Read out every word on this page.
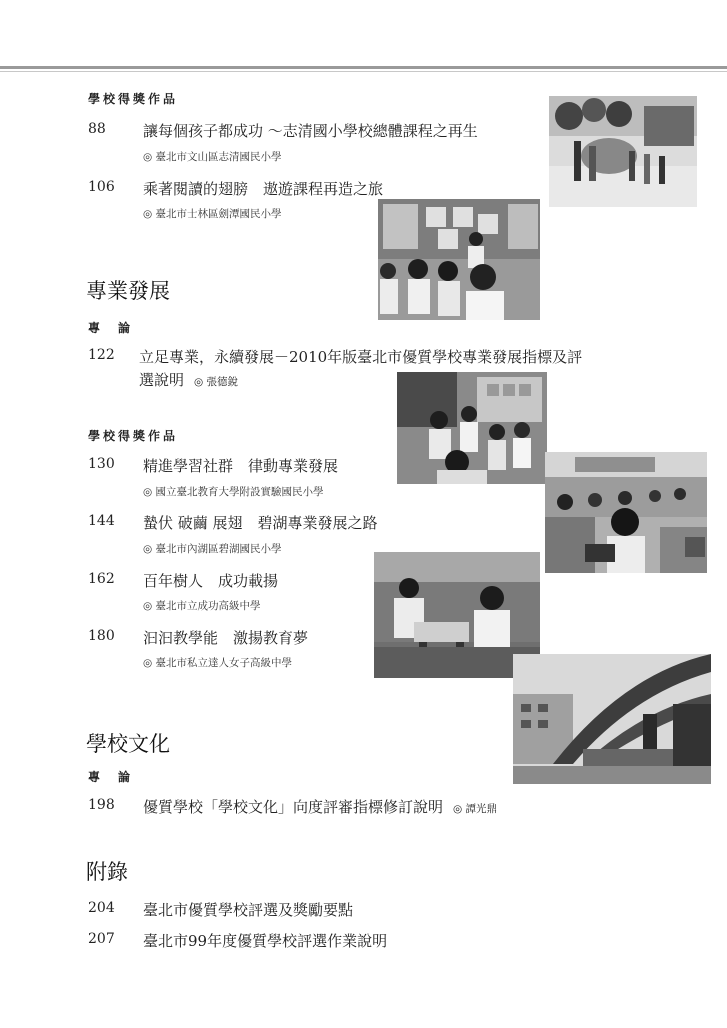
學校得獎作品
88 讓每個孩子都成功 ～志清國小學校總體課程之再生
◎ 臺北市文山區志清國民小學
106 乘著閱讀的翅膀　遨遊課程再造之旅
◎ 臺北市士林區劍潭國民小學
專業發展
專　論
122 立足專業，永續發展－2010年版臺北市優質學校專業發展指標及評
選說明 ◎ 張德銳
學校得獎作品
130 精進學習社群　律動專業發展
◎ 國立臺北教育大學附設實驗國民小學
144 蟄伏 破繭 展翅　碧湖專業發展之路
◎ 臺北市內湖區碧湖國民小學
162 百年樹人　成功載揚
◎ 臺北市立成功高級中學
180 汩汩教學能　激揚教育夢
◎ 臺北市私立達人女子高級中學
學校文化
專　論
198 優質學校「學校文化」向度評審指標修訂說明 ◎ 譚光鼎
附錄
204 臺北市優質學校評選及獎勵要點
207 臺北市99年度優質學校評選作業說明
